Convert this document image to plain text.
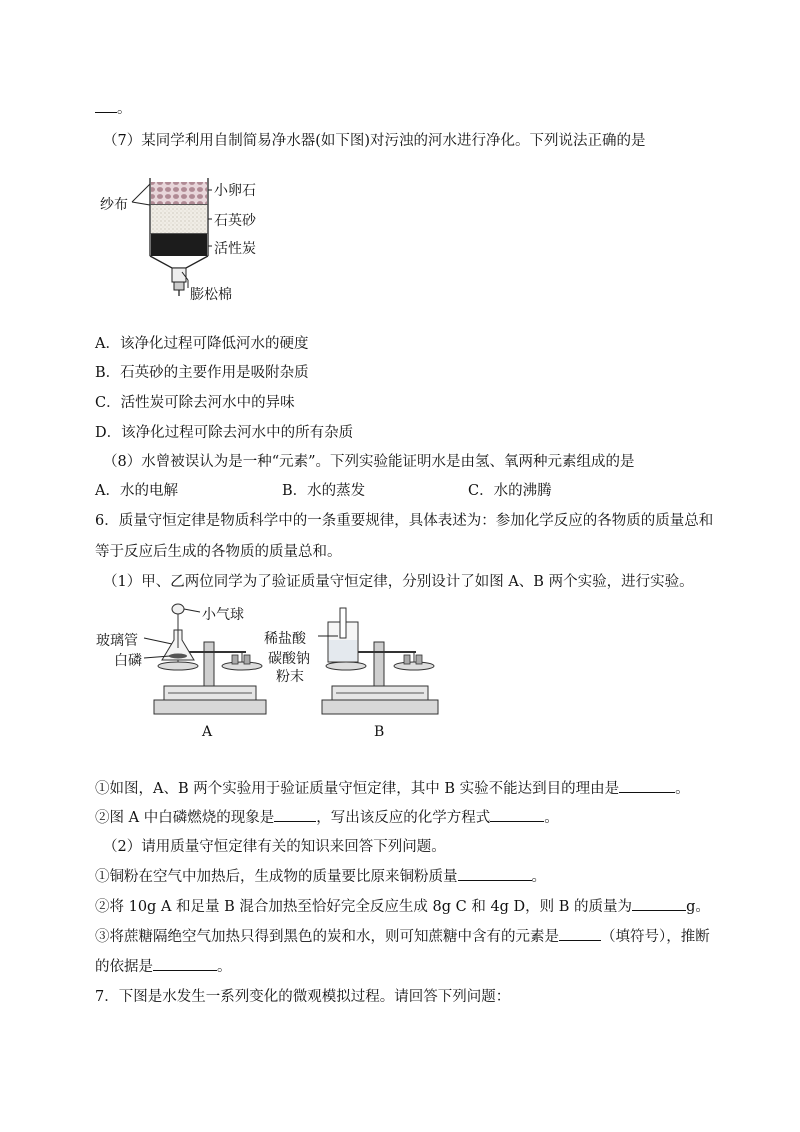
。
（7）某同学利用自制简易净水器(如下图)对污浊的河水进行净化。下列说法正确的是
纱布
小卵石
石英砂
活性炭
膨松棉
A．该净化过程可降低河水的硬度
B．石英砂的主要作用是吸附杂质
C．活性炭可除去河水中的异味
D．该净化过程可除去河水中的所有杂质
（8）水曾被误认为是一种“元素”。下列实验能证明水是由氢、氧两种元素组成的是
A．水的电解	B．水的蒸发	C．水的沸腾
6．质量守恒定律是物质科学中的一条重要规律，具体表述为：参加化学反应的各物质的质量总和
等于反应后生成的各物质的质量总和。
（1）甲、乙两位同学为了验证质量守恒定律，分别设计了如图 A、B 两个实验，进行实验。
小气球
玻璃管
白磷
稀盐酸
碳酸钠
粉末
A	B
①如图，A、B 两个实验用于验证质量守恒定律，其中 B 实验不能达到目的理由是	。
②图 A 中白磷燃烧的现象是	，写出该反应的化学方程式	。
（2）请用质量守恒定律有关的知识来回答下列问题。
①铜粉在空气中加热后，生成物的质量要比原来铜粉质量	。
②将 10g A 和足量 B 混合加热至恰好完全反应生成 8g C 和 4g D，则 B 的质量为	g。
③将蔗糖隔绝空气加热只得到黑色的炭和水，则可知蔗糖中含有的元素是	（填符号），推断
的依据是	。
7．下图是水发生一系列变化的微观模拟过程。请回答下列问题：
